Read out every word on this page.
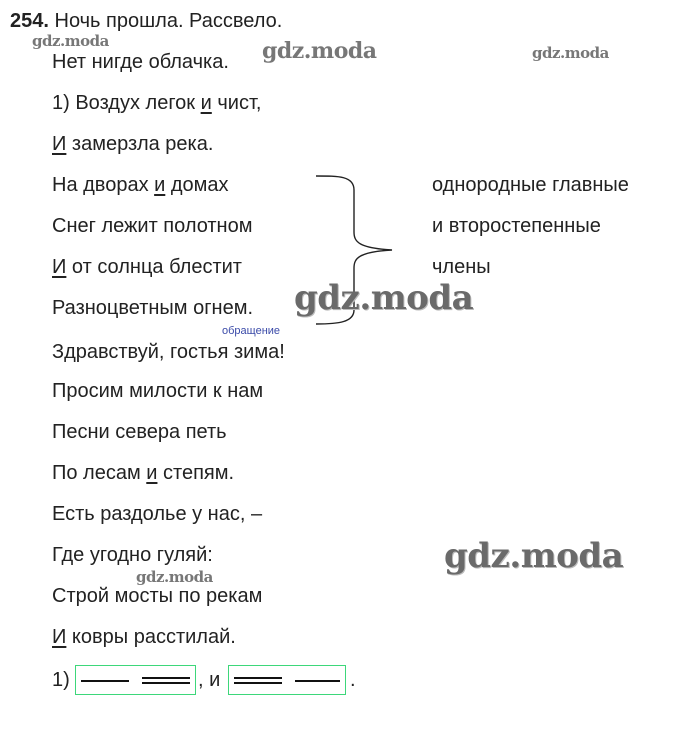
254. Ночь прошла. Рассвело.
Нет нигде облачка.
1) Воздух легок и чист,
И замерзла река.
На дворах и домах
Снег лежит полотном
И от солнца блестит
Разноцветным огнем.
Здравствуй, гостья зима!
Просим милости к нам
Песни севера петь
По лесам и степям.
Есть раздолье у нас, –
Где угодно гуляй:
Строй мосты по рекам
И ковры расстилай.
однородные главные
и второстепенные
члены
обращение
1)	, и	.
gdz.moda	gdz.moda	gdz.moda
gdz.moda
gdz.moda
gdz.moda
